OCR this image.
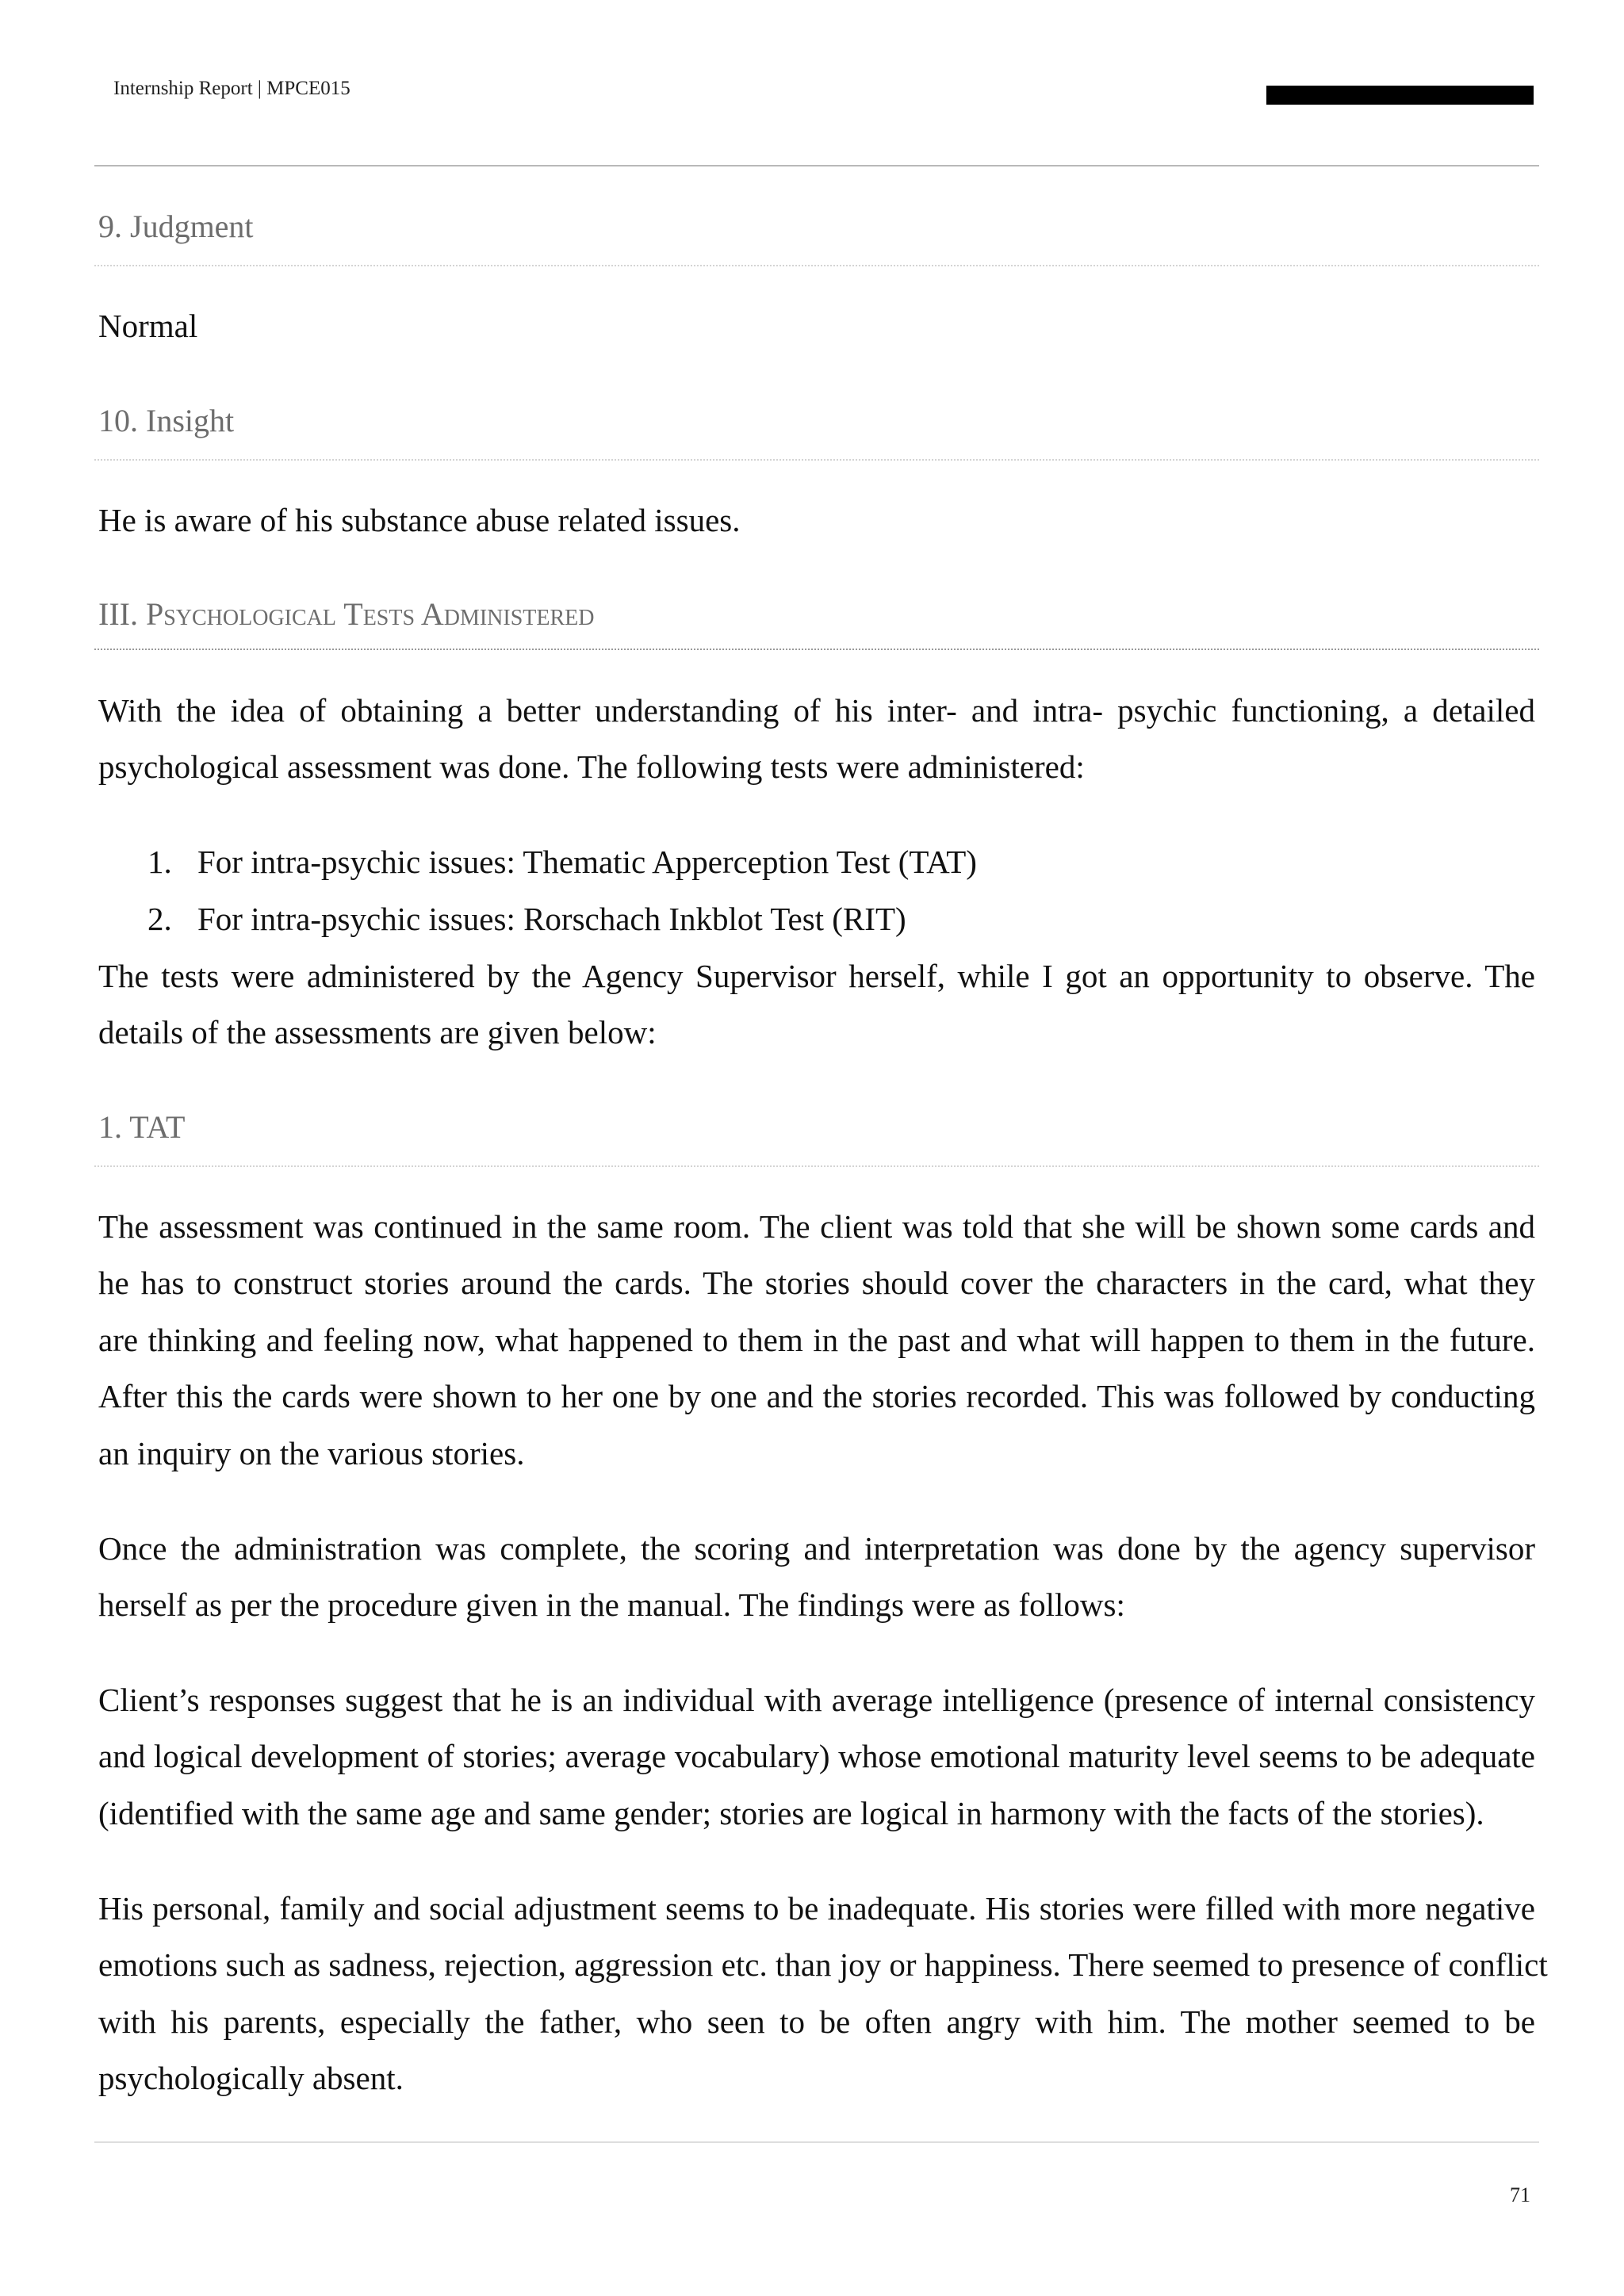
Internship Report | MPCE015
9. Judgment
Normal
10. Insight
He is aware of his substance abuse related issues.
III. Psychological Tests Administered
With the idea of obtaining a better understanding of his inter- and intra- psychic functioning, a detailed
psychological assessment was done. The following tests were administered:
1. For intra-psychic issues: Thematic Apperception Test (TAT)
2. For intra-psychic issues: Rorschach Inkblot Test (RIT)
The tests were administered by the Agency Supervisor herself, while I got an opportunity to observe. The
details of the assessments are given below:
1. TAT
The assessment was continued in the same room. The client was told that she will be shown some cards and
he has to construct stories around the cards. The stories should cover the characters in the card, what they
are thinking and feeling now, what happened to them in the past and what will happen to them in the future.
After this the cards were shown to her one by one and the stories recorded. This was followed by conducting
an inquiry on the various stories.
Once the administration was complete, the scoring and interpretation was done by the agency supervisor
herself as per the procedure given in the manual. The findings were as follows:
Client’s responses suggest that he is an individual with average intelligence (presence of internal consistency
and logical development of stories; average vocabulary) whose emotional maturity level seems to be adequate
(identified with the same age and same gender; stories are logical in harmony with the facts of the stories).
His personal, family and social adjustment seems to be inadequate. His stories were filled with more negative
emotions such as sadness, rejection, aggression etc. than joy or happiness. There seemed to presence of conflict
with his parents, especially the father, who seen to be often angry with him. The mother seemed to be
psychologically absent.
71
